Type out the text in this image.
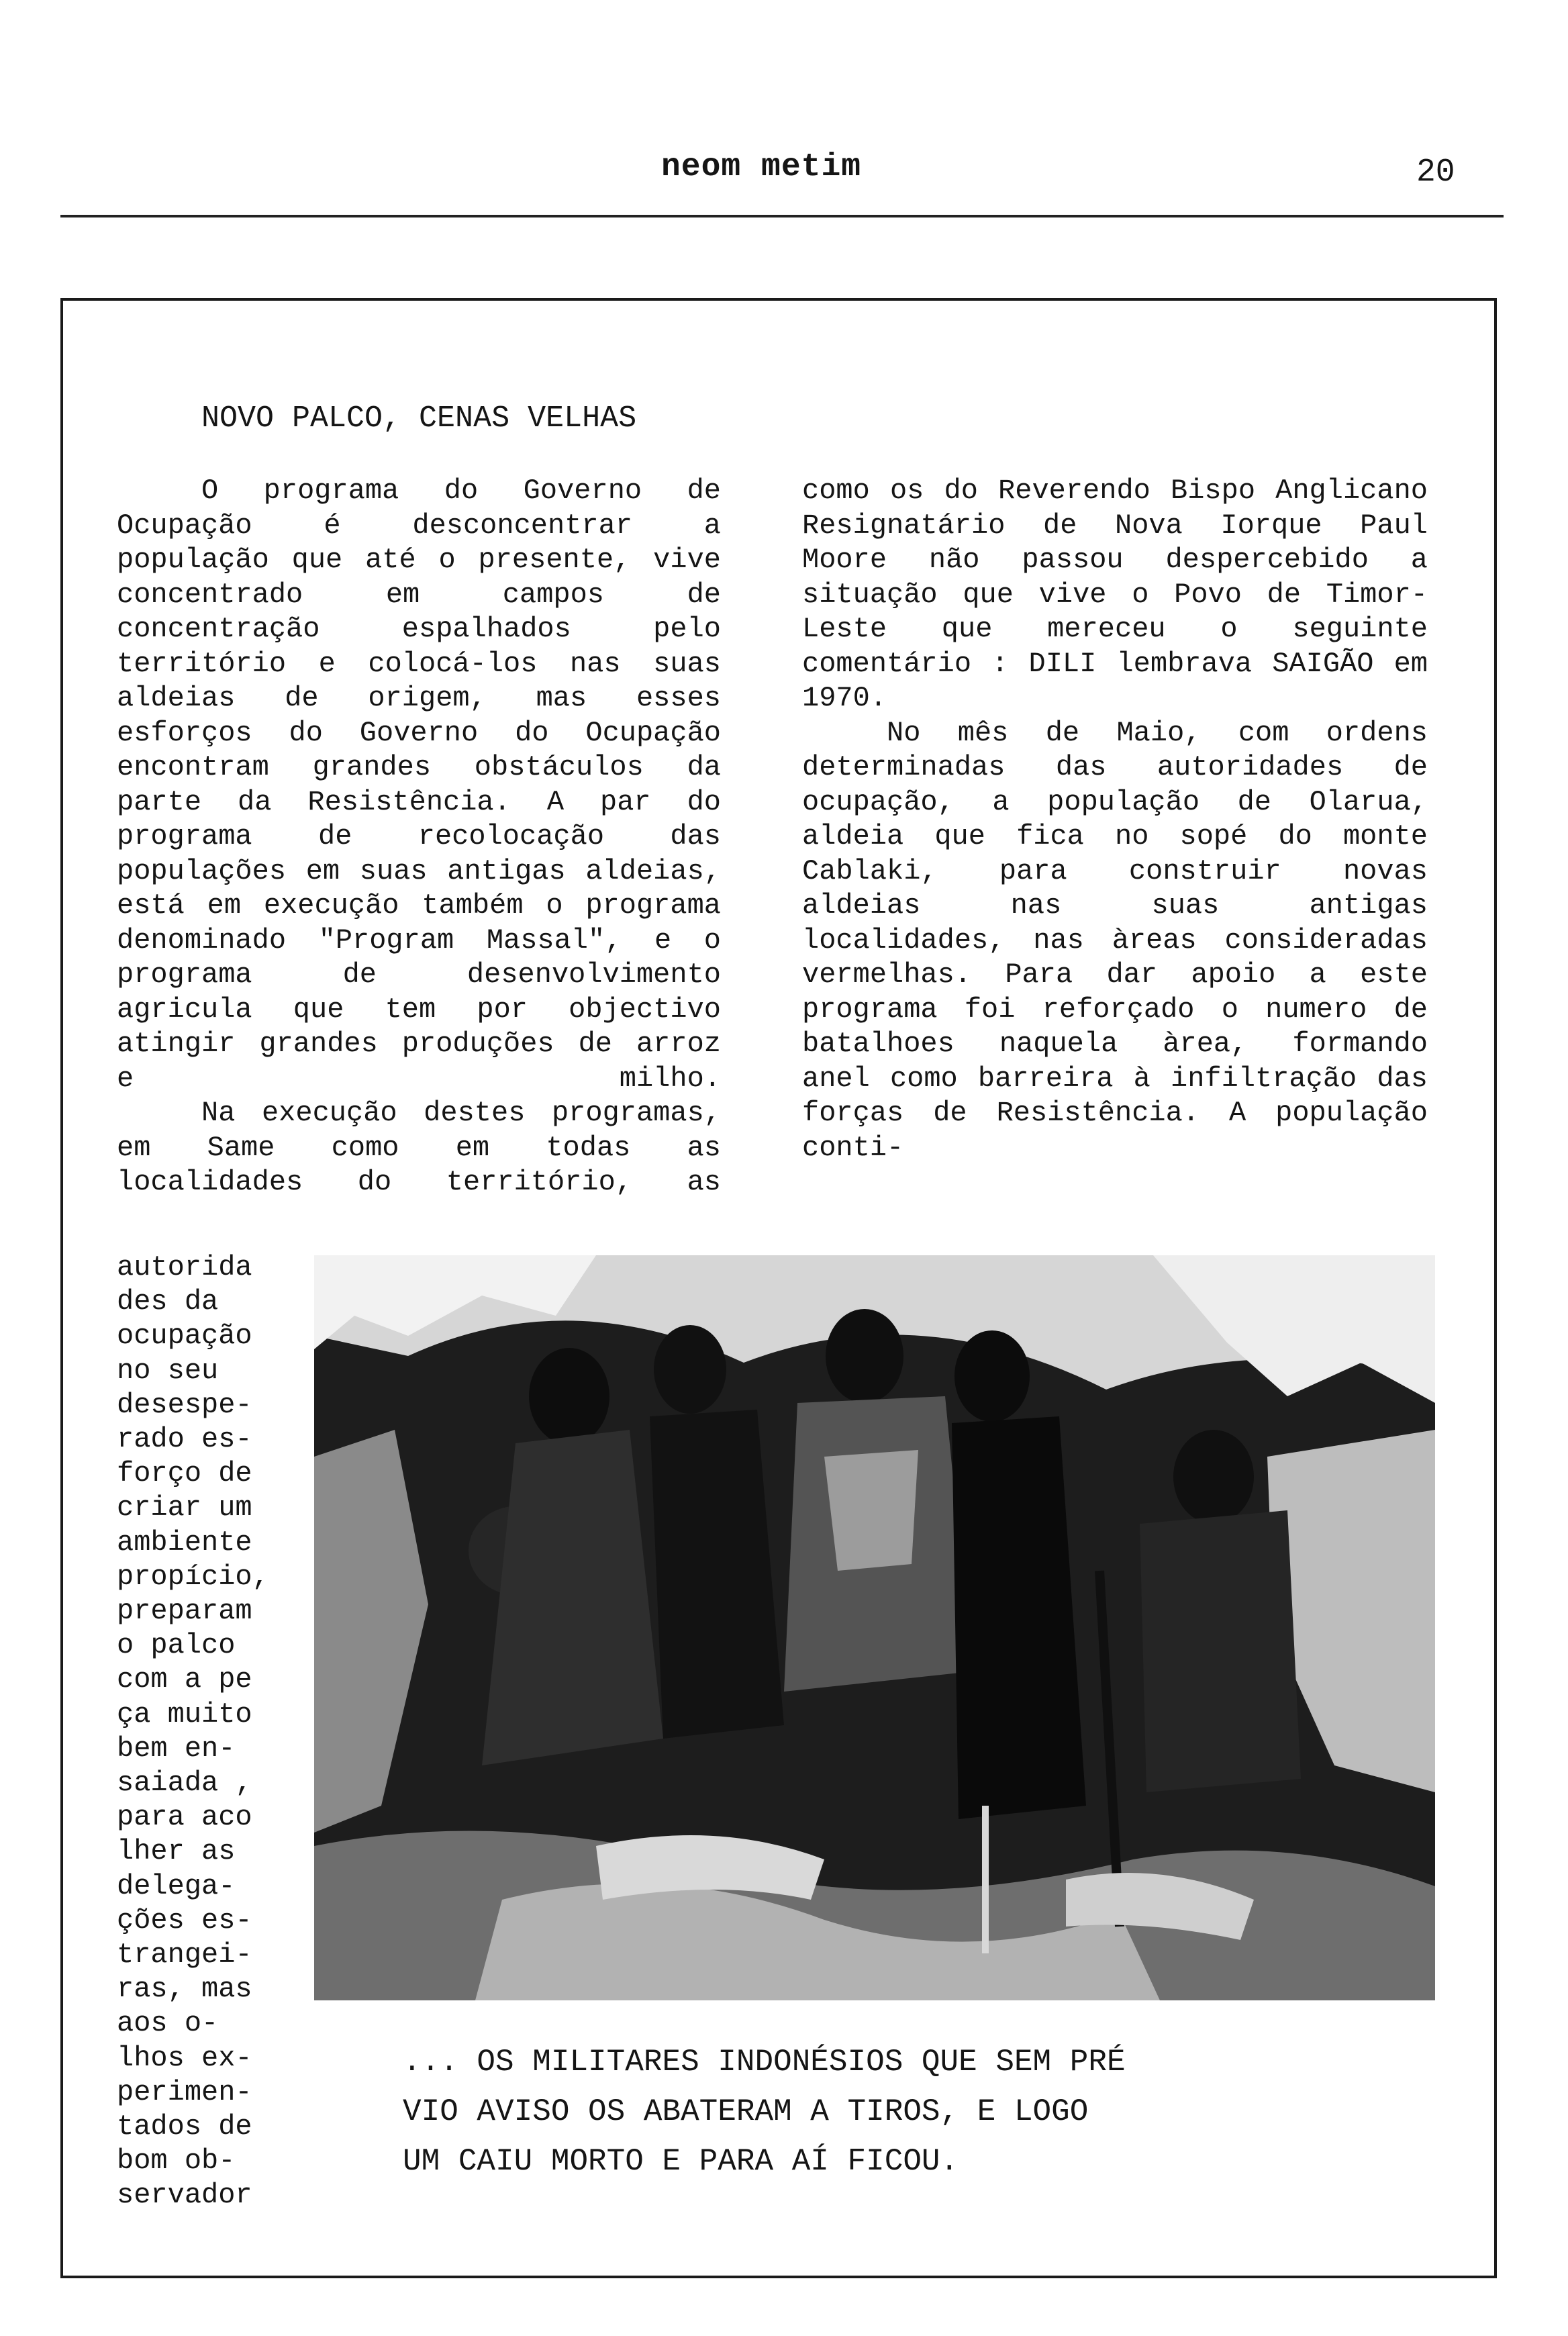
neom metim	20
NOVO PALCO, CENAS VELHAS

O programa do Governo de Ocupação é desconcentrar a população que até o presente, vive concentrado em campos de concentração espalhados pelo território e colocá-los nas suas aldeias de origem, mas esses esforços do Governo do Ocupação encontram grandes obstáculos da parte da Resistência. A par do programa de recolocação das populações em suas antigas aldeias, está em execução também o programa denominado "Program Massal", e o programa de desenvolvimento agricula que tem por objectivo atingir grandes produções de arroz e milho.

Na execução destes programas, em Same como em todas as localidades do território, as

autorida
des da
ocupação
no seu
desespe-
rado es-
forço de
criar um
ambiente
propício,
preparam
o palco
com a pe
ça muito
bem en-
saiada ,
para aco
lher as
delega-
ções es-
trangei-
ras, mas
aos o-
lhos ex-
perimen-
tados de
bom ob-
servador

como os do Reverendo Bispo Anglicano Resignatário de Nova Iorque Paul Moore não passou despercebido a situação que vive o Povo de Timor-Leste que mereceu o seguinte comentário : DILI lembrava SAIGÃO em 1970.

No mês de Maio, com ordens determinadas das autoridades de ocupação, a população de Olarua, aldeia que fica no sopé do monte Cablaki, para construir novas aldeias nas suas antigas localidades, nas àreas consideradas vermelhas. Para dar apoio a este programa foi reforçado o numero de batalhoes naquela àrea, formando anel como barreira à infiltração das forças de Resistência. A população conti-

... OS MILITARES INDONÉSIOS QUE SEM PRÉ
VIO AVISO OS ABATERAM A TIROS, E LOGO
UM CAIU MORTO E PARA AÍ FICOU.
